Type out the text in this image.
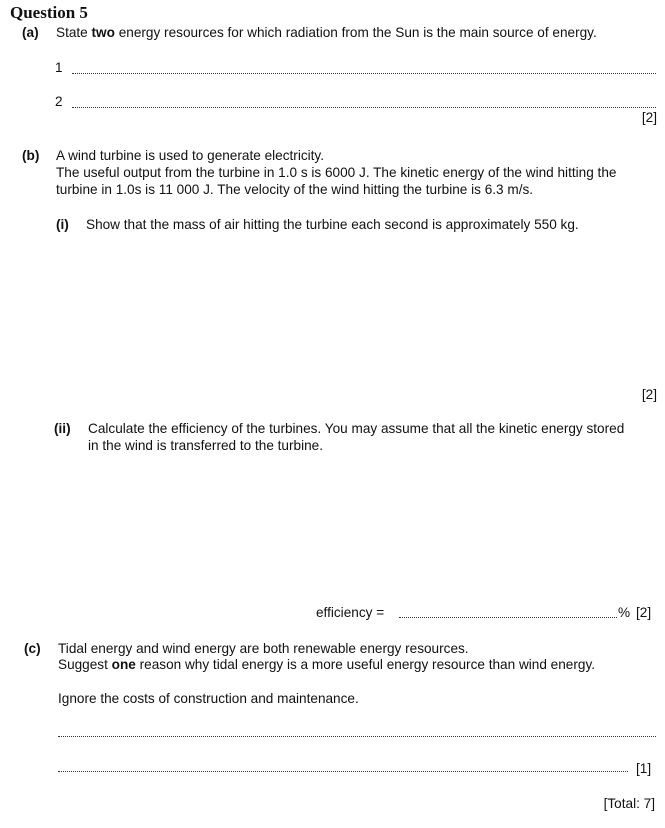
Question 5
(a) State two energy resources for which radiation from the Sun is the main source of energy.
1
2
[2]
(b) A wind turbine is used to generate electricity.
The useful output from the turbine in 1.0 s is 6000 J. The kinetic energy of the wind hitting the
turbine in 1.0s is 11 000 J. The velocity of the wind hitting the turbine is 6.3 m/s.
(i) Show that the mass of air hitting the turbine each second is approximately 550 kg.
[2]
(ii) Calculate the efficiency of the turbines. You may assume that all the kinetic energy stored
in the wind is transferred to the turbine.
efficiency =	% [2]
(c) Tidal energy and wind energy are both renewable energy resources.
Suggest one reason why tidal energy is a more useful energy resource than wind energy.
Ignore the costs of construction and maintenance.
[1]
[Total: 7]
